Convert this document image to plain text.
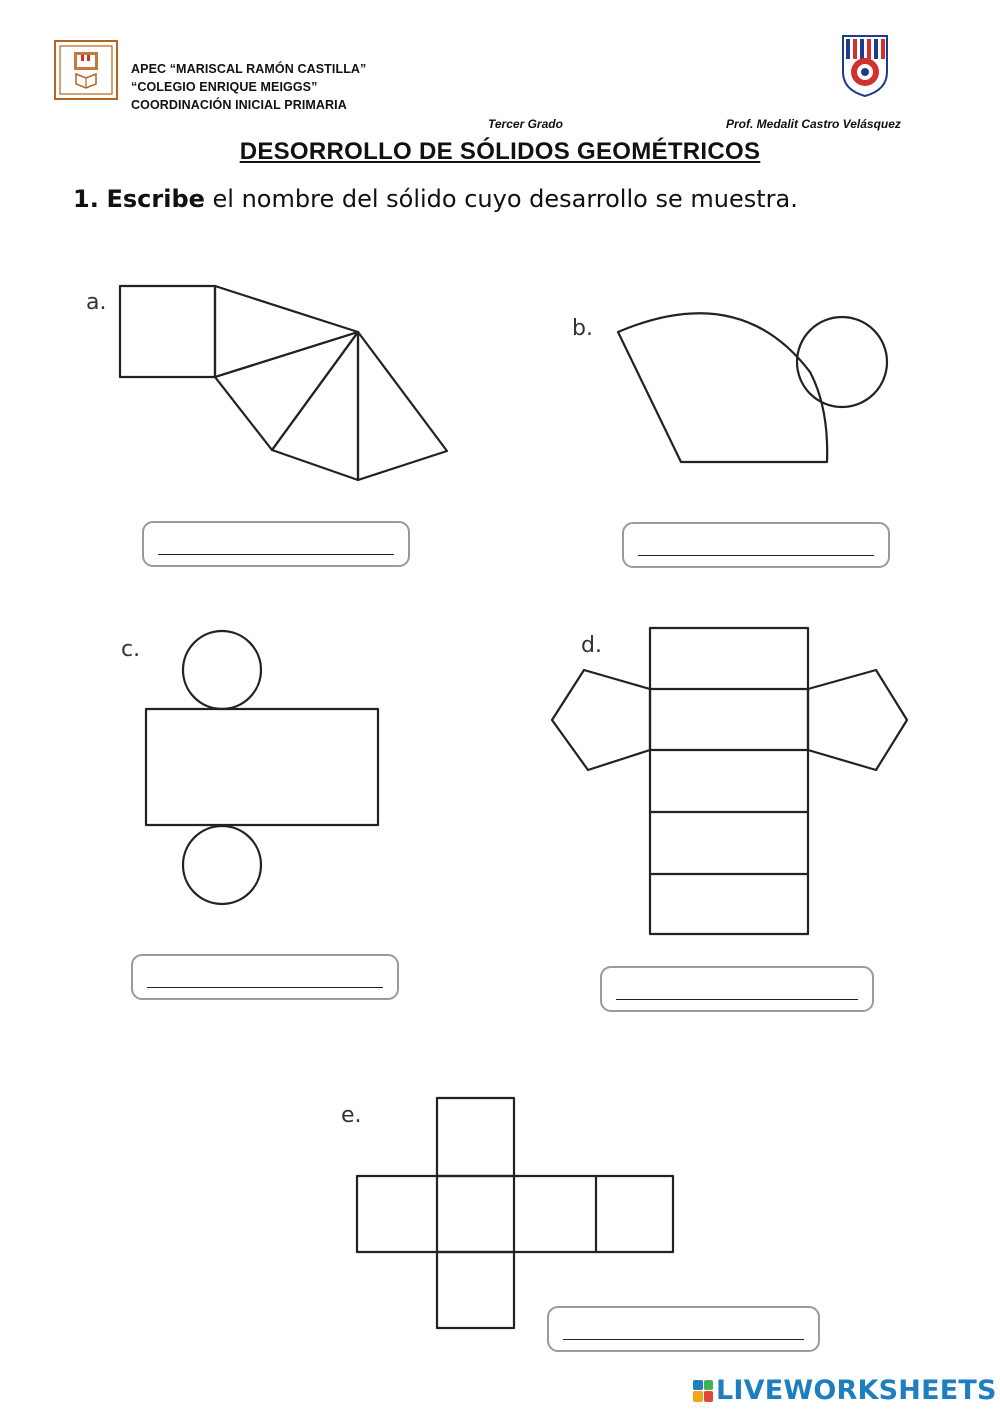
APEC “MARISCAL RAMÓN CASTILLA”
“COLEGIO ENRIQUE MEIGGS”
COORDINACIÓN INICIAL PRIMARIA
Tercer Grado	Prof. Medalit Castro Velásquez
DESORROLLO DE SÓLIDOS GEOMÉTRICOS
1. Escribe el nombre del sólido cuyo desarrollo se muestra.
a.
b.
c.	d.
e.
LIVEWORKSHEETS
